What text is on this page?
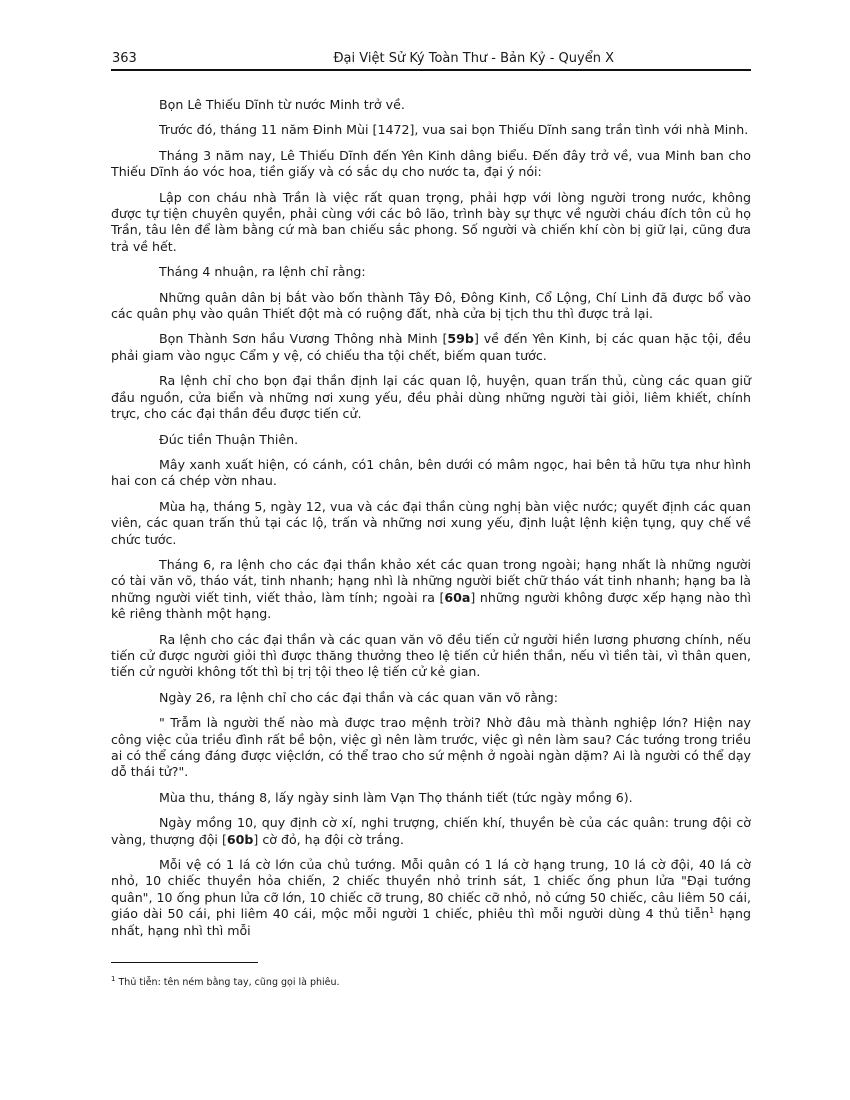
363	Đại Việt Sử Ký Toàn Thư - Bản Kỷ - Quyển X

Bọn Lê Thiếu Dĩnh từ nước Minh trở về.

Trước đó, tháng 11 năm Đinh Mùi [1472], vua sai bọn Thiếu Dĩnh sang trần tình với nhà Minh.

Tháng 3 năm nay, Lê Thiếu Dĩnh đến Yên Kinh dâng biểu. Đến đây trở về, vua Minh ban cho Thiếu Dĩnh áo vóc hoa, tiền giấy và có sắc dụ cho nước ta, đại ý nói:

Lập con cháu nhà Trần là việc rất quan trọng, phải hợp với lòng người trong nước, không được tự tiện chuyên quyền, phải cùng với các bô lão, trình bày sự thực về người cháu đích tôn củ họ Trần, tâu lên để làm bằng cứ mà ban chiếu sắc phong. Số người và chiến khí còn bị giữ lại, cũng đưa trả về hết.

Tháng 4 nhuận, ra lệnh chỉ rằng:

Những quân dân bị bắt vào bốn thành Tây Đô, Đông Kinh, Cổ Lộng, Chí Linh đã được bổ vào các quân phụ vào quân Thiết đột mà có ruộng đất, nhà cửa bị tịch thu thì được trả lại.

Bọn Thành Sơn hầu Vương Thông nhà Minh [59b] về đến Yên Kinh, bị các quan hặc tội, đều phải giam vào ngục Cẩm y vệ, có chiếu tha tội chết, biếm quan tước.

Ra lệnh chỉ cho bọn đại thần định lại các quan lộ, huyện, quan trấn thủ, cùng các quan giữ đầu nguồn, cửa biển và những nơi xung yếu, đều phải dùng những người tài giỏi, liêm khiết, chính trực, cho các đại thần đều được tiến cử.

Đúc tiền Thuận Thiên.

Mây xanh xuất hiện, có cánh, có1 chân, bên dưới có mâm ngọc, hai bên tả hữu tựa như hình hai con cá chép vờn nhau.

Mùa hạ, tháng 5, ngày 12, vua và các đại thần cùng nghị bàn việc nước; quyết định các quan viên, các quan trấn thủ tại các lộ, trấn và những nơi xung yếu, định luật lệnh kiện tụng, quy chế về chức tước.

Tháng 6, ra lệnh cho các đại thần khảo xét các quan trong ngoài; hạng nhất là những người có tài văn võ, tháo vát, tinh nhanh; hạng nhì là những người biết chữ tháo vát tinh nhanh; hạng ba là những người viết tinh, viết thảo, làm tính; ngoài ra [60a] những người không được xếp hạng nào thì kê riêng thành một hạng.

Ra lệnh cho các đại thần và các quan văn võ đều tiến cử người hiền lương phương chính, nếu tiến cử được người giỏi thì được thăng thưởng theo lệ tiến cử hiền thần, nếu vì tiền tài, vì thân quen, tiến cử người không tốt thì bị trị tội theo lệ tiến cử kẻ gian.

Ngày 26, ra lệnh chỉ cho các đại thần và các quan văn võ rằng:

" Trẫm là người thế nào mà được trao mệnh trời? Nhờ đâu mà thành nghiệp lớn? Hiện nay công việc của triều đình rất bề bộn, việc gì nên làm trước, việc gì nên làm sau? Các tướng trong triều ai có thể cáng đáng được việclớn, có thể trao cho sứ mệnh ở ngoài ngàn dặm? Ai là người có thể dạy dỗ thái tử?".

Mùa thu, tháng 8, lấy ngày sinh làm Vạn Thọ thánh tiết (tức ngày mồng 6).

Ngày mồng 10, quy định cờ xí, nghi trượng, chiến khí, thuyền bè của các quân: trung đội cờ vàng, thượng đội [60b] cờ đỏ, hạ đội cờ trắng.

Mỗi vệ có 1 lá cờ lớn của chủ tướng. Mỗi quân có 1 lá cờ hạng trung, 10 lá cờ đội, 40 lá cờ nhỏ, 10 chiếc thuyền hỏa chiến, 2 chiếc thuyền nhỏ trinh sát, 1 chiếc ống phun lửa "Đại tướng quân", 10 ống phun lửa cỡ lớn, 10 chiếc cỡ trung, 80 chiếc cỡ nhỏ, nỏ cứng 50 chiếc, câu liêm 50 cái, giáo dài 50 cái, phi liêm 40 cái, mộc mỗi người 1 chiếc, phiêu thì mỗi người dùng 4 thủ tiễn$^1$ hạng nhất, hạng nhì thì mỗi

$^1$ Thủ tiễn: tên ném bằng tay, cũng gọi là phiêu.
